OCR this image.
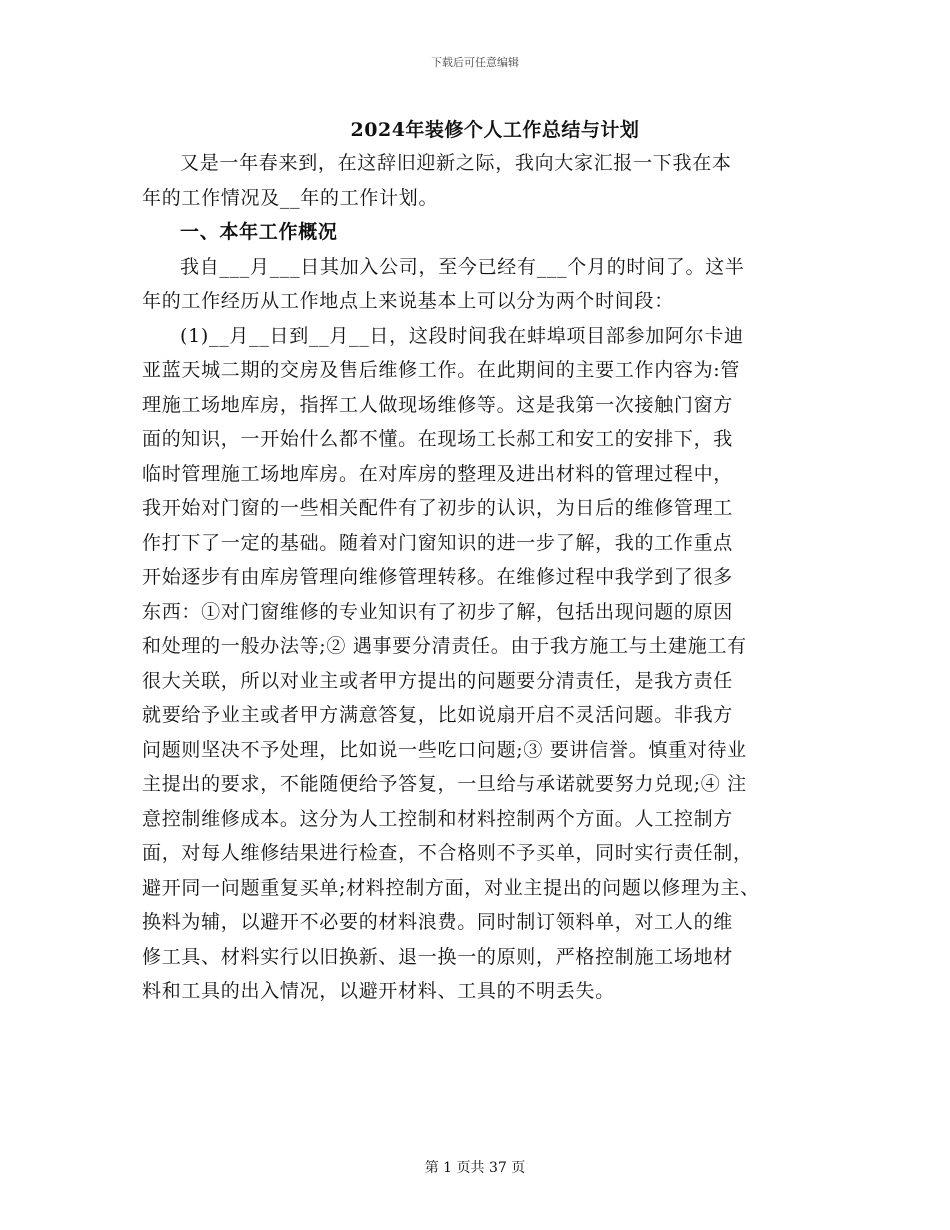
下载后可任意编辑
2024年装修个人工作总结与计划
又是一年春来到，在这辞旧迎新之际，我向大家汇报一下我在本
年的工作情况及__年的工作计划。
一、本年工作概况
我自___月___日其加入公司，至今已经有___个月的时间了。这半
年的工作经历从工作地点上来说基本上可以分为两个时间段：
(1)__月__日到__月__日，这段时间我在蚌埠项目部参加阿尔卡迪
亚蓝天城二期的交房及售后维修工作。在此期间的主要工作内容为:管
理施工场地库房，指挥工人做现场维修等。这是我第一次接触门窗方
面的知识，一开始什么都不懂。在现场工长郝工和安工的安排下，我
临时管理施工场地库房。在对库房的整理及进出材料的管理过程中，
我开始对门窗的一些相关配件有了初步的认识，为日后的维修管理工
作打下了一定的基础。随着对门窗知识的进一步了解，我的工作重点
开始逐步有由库房管理向维修管理转移。在维修过程中我学到了很多
东西：①对门窗维修的专业知识有了初步了解，包括出现问题的原因
和处理的一般办法等;② 遇事要分清责任。由于我方施工与土建施工有
很大关联，所以对业主或者甲方提出的问题要分清责任，是我方责任
就要给予业主或者甲方满意答复，比如说扇开启不灵活问题。非我方
问题则坚决不予处理，比如说一些吃口问题;③ 要讲信誉。慎重对待业
主提出的要求，不能随便给予答复，一旦给与承诺就要努力兑现;④ 注
意控制维修成本。这分为人工控制和材料控制两个方面。人工控制方
面，对每人维修结果进行检查，不合格则不予买单，同时实行责任制，
避开同一问题重复买单;材料控制方面，对业主提出的问题以修理为主、
换料为辅，以避开不必要的材料浪费。同时制订领料单，对工人的维
修工具、材料实行以旧换新、退一换一的原则，严格控制施工场地材
料和工具的出入情况，以避开材料、工具的不明丢失。
第 1 页共 37 页
